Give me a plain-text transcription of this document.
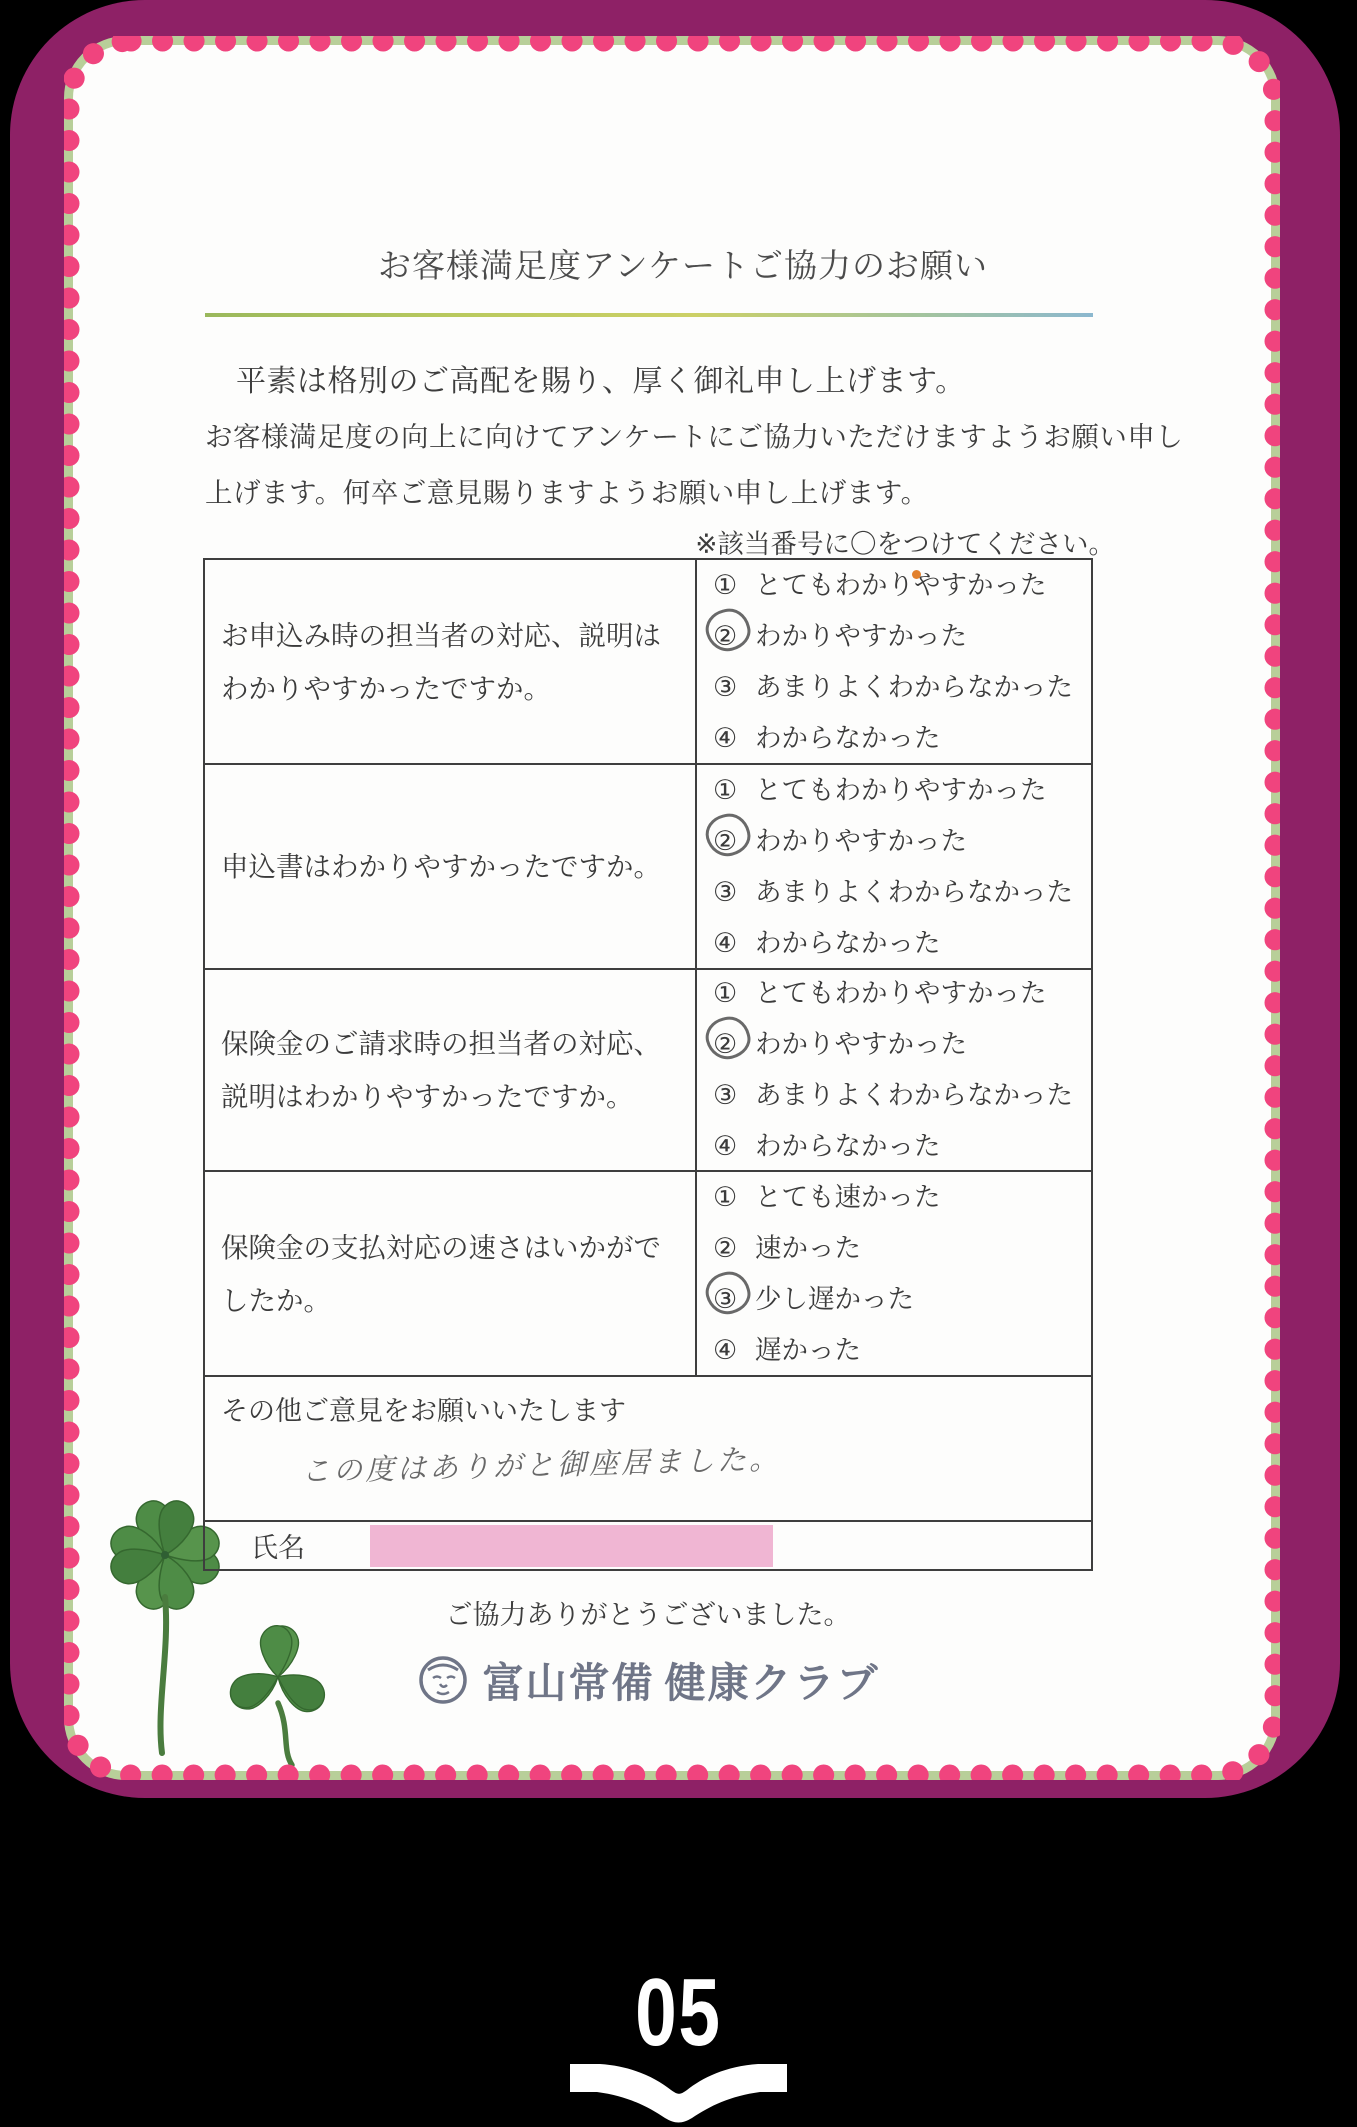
お客様満足度アンケートご協力のお願い
平素は格別のご高配を賜り、厚く御礼申し上げます。
お客様満足度の向上に向けてアンケートにご協力いただけますようお願い申し
上げます。何卒ご意見賜りますようお願い申し上げます。
※該当番号に〇をつけてください。
お申込み時の担当者の対応、説明はわかりやすかったですか。
① とてもわかりやすかった
② わかりやすかった
③ あまりよくわからなかった
④ わからなかった
申込書はわかりやすかったですか。
① とてもわかりやすかった
② わかりやすかった
③ あまりよくわからなかった
④ わからなかった
保険金のご請求時の担当者の対応、説明はわかりやすかったですか。
① とてもわかりやすかった
② わかりやすかった
③ あまりよくわからなかった
④ わからなかった
保険金の支払対応の速さはいかがでしたか。
① とても速かった
② 速かった
③ 少し遅かった
④ 遅かった
その他ご意見をお願いいたします
この度はありがと御座居ました。
氏名
ご協力ありがとうございました。
富山常備 健康クラブ
05
